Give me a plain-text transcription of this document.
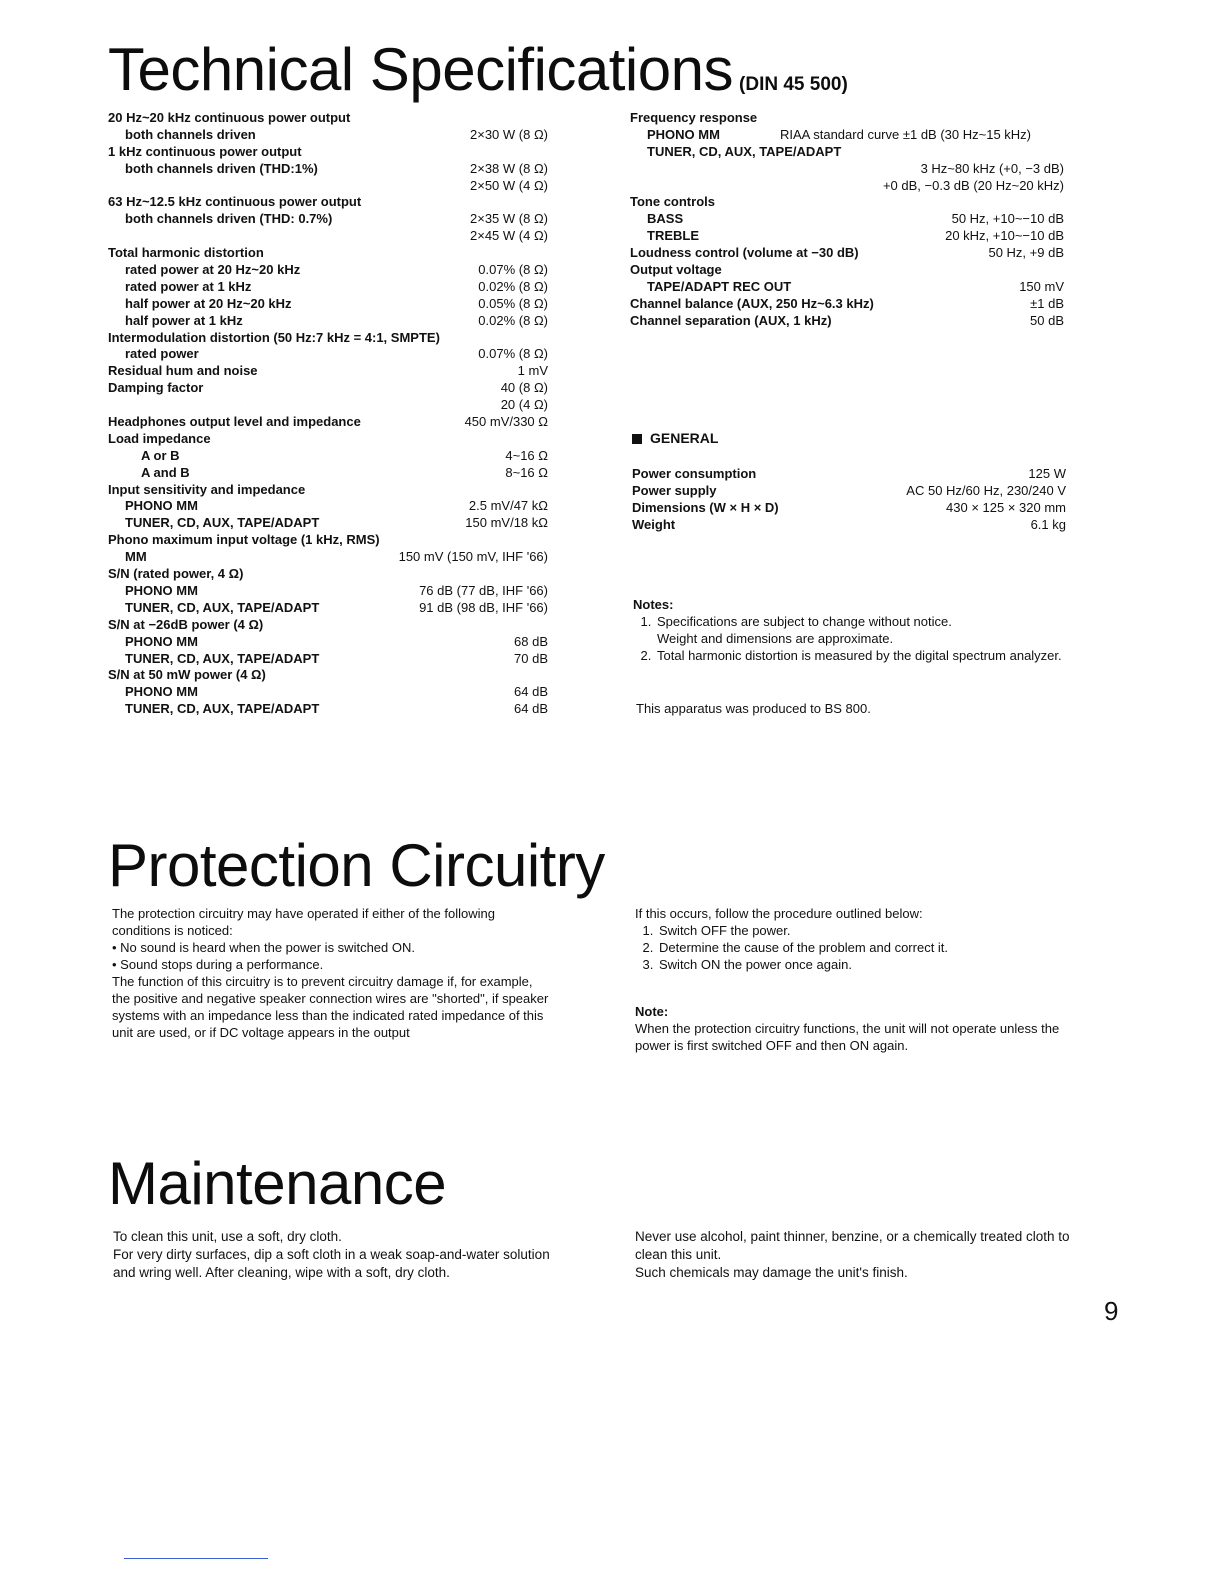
Technical Specifications (DIN 45 500)
20 Hz~20 kHz continuous power output
both channels driven	2×30 W (8 Ω)
1 kHz continuous power output
both channels driven (THD:1%)	2×38 W (8 Ω)
2×50 W (4 Ω)
63 Hz~12.5 kHz continuous power output
both channels driven (THD: 0.7%)	2×35 W (8 Ω)
2×45 W (4 Ω)
Total harmonic distortion
rated power at 20 Hz~20 kHz	0.07% (8 Ω)
rated power at 1 kHz	0.02% (8 Ω)
half power at 20 Hz~20 kHz	0.05% (8 Ω)
half power at 1 kHz	0.02% (8 Ω)
Intermodulation distortion (50 Hz:7 kHz = 4:1, SMPTE)
rated power	0.07% (8 Ω)
Residual hum and noise	1 mV
Damping factor	40 (8 Ω)
20 (4 Ω)
Headphones output level and impedance	450 mV/330 Ω
Load impedance
A or B	4~16 Ω
A and B	8~16 Ω
Input sensitivity and impedance
PHONO MM	2.5 mV/47 kΩ
TUNER, CD, AUX, TAPE/ADAPT	150 mV/18 kΩ
Phono maximum input voltage (1 kHz, RMS)
MM	150 mV (150 mV, IHF '66)
S/N (rated power, 4 Ω)
PHONO MM	76 dB (77 dB, IHF '66)
TUNER, CD, AUX, TAPE/ADAPT	91 dB (98 dB, IHF '66)
S/N at −26dB power (4 Ω)
PHONO MM	68 dB
TUNER, CD, AUX, TAPE/ADAPT	70 dB
S/N at 50 mW power (4 Ω)
PHONO MM	64 dB
TUNER, CD, AUX, TAPE/ADAPT	64 dB
Frequency response
PHONO MM	RIAA standard curve ±1 dB (30 Hz~15 kHz)
TUNER, CD, AUX, TAPE/ADAPT
3 Hz~80 kHz (+0, −3 dB)
+0 dB, −0.3 dB (20 Hz~20 kHz)
Tone controls
BASS	50 Hz, +10~−10 dB
TREBLE	20 kHz, +10~−10 dB
Loudness control (volume at −30 dB)	50 Hz, +9 dB
Output voltage
TAPE/ADAPT REC OUT	150 mV
Channel balance (AUX, 250 Hz~6.3 kHz)	±1 dB
Channel separation (AUX, 1 kHz)	50 dB
GENERAL
Power consumption	125 W
Power supply	AC 50 Hz/60 Hz, 230/240 V
Dimensions (W × H × D)	430 × 125 × 320 mm
Weight	6.1 kg

Notes:

1. Specifications are subject to change without notice.
Weight and dimensions are approximate.
2. Total harmonic distortion is measured by the digital spectrum analyzer.
This apparatus was produced to BS 800.
Protection Circuitry

The protection circuitry may have operated if either of the following conditions is noticed:

• No sound is heard when the power is switched ON.
• Sound stops during a performance.

The function of this circuitry is to prevent circuitry damage if, for example, the positive and negative speaker connection wires are "shorted", if speaker systems with an impedance less than the indicated rated impedance of this unit are used, or if DC voltage appears in the output

If this occurs, follow the procedure outlined below:

1. Switch OFF the power.
2. Determine the cause of the problem and correct it.
3. Switch ON the power once again.

Note:

When the protection circuitry functions, the unit will not operate unless the power is first switched OFF and then ON again.

Maintenance
To clean this unit, use a soft, dry cloth.
For very dirty surfaces, dip a soft cloth in a weak soap-and-water solution and wring well. After cleaning, wipe with a soft, dry cloth.
Never use alcohol, paint thinner, benzine, or a chemically treated cloth to clean this unit.
Such chemicals may damage the unit's finish.
9
